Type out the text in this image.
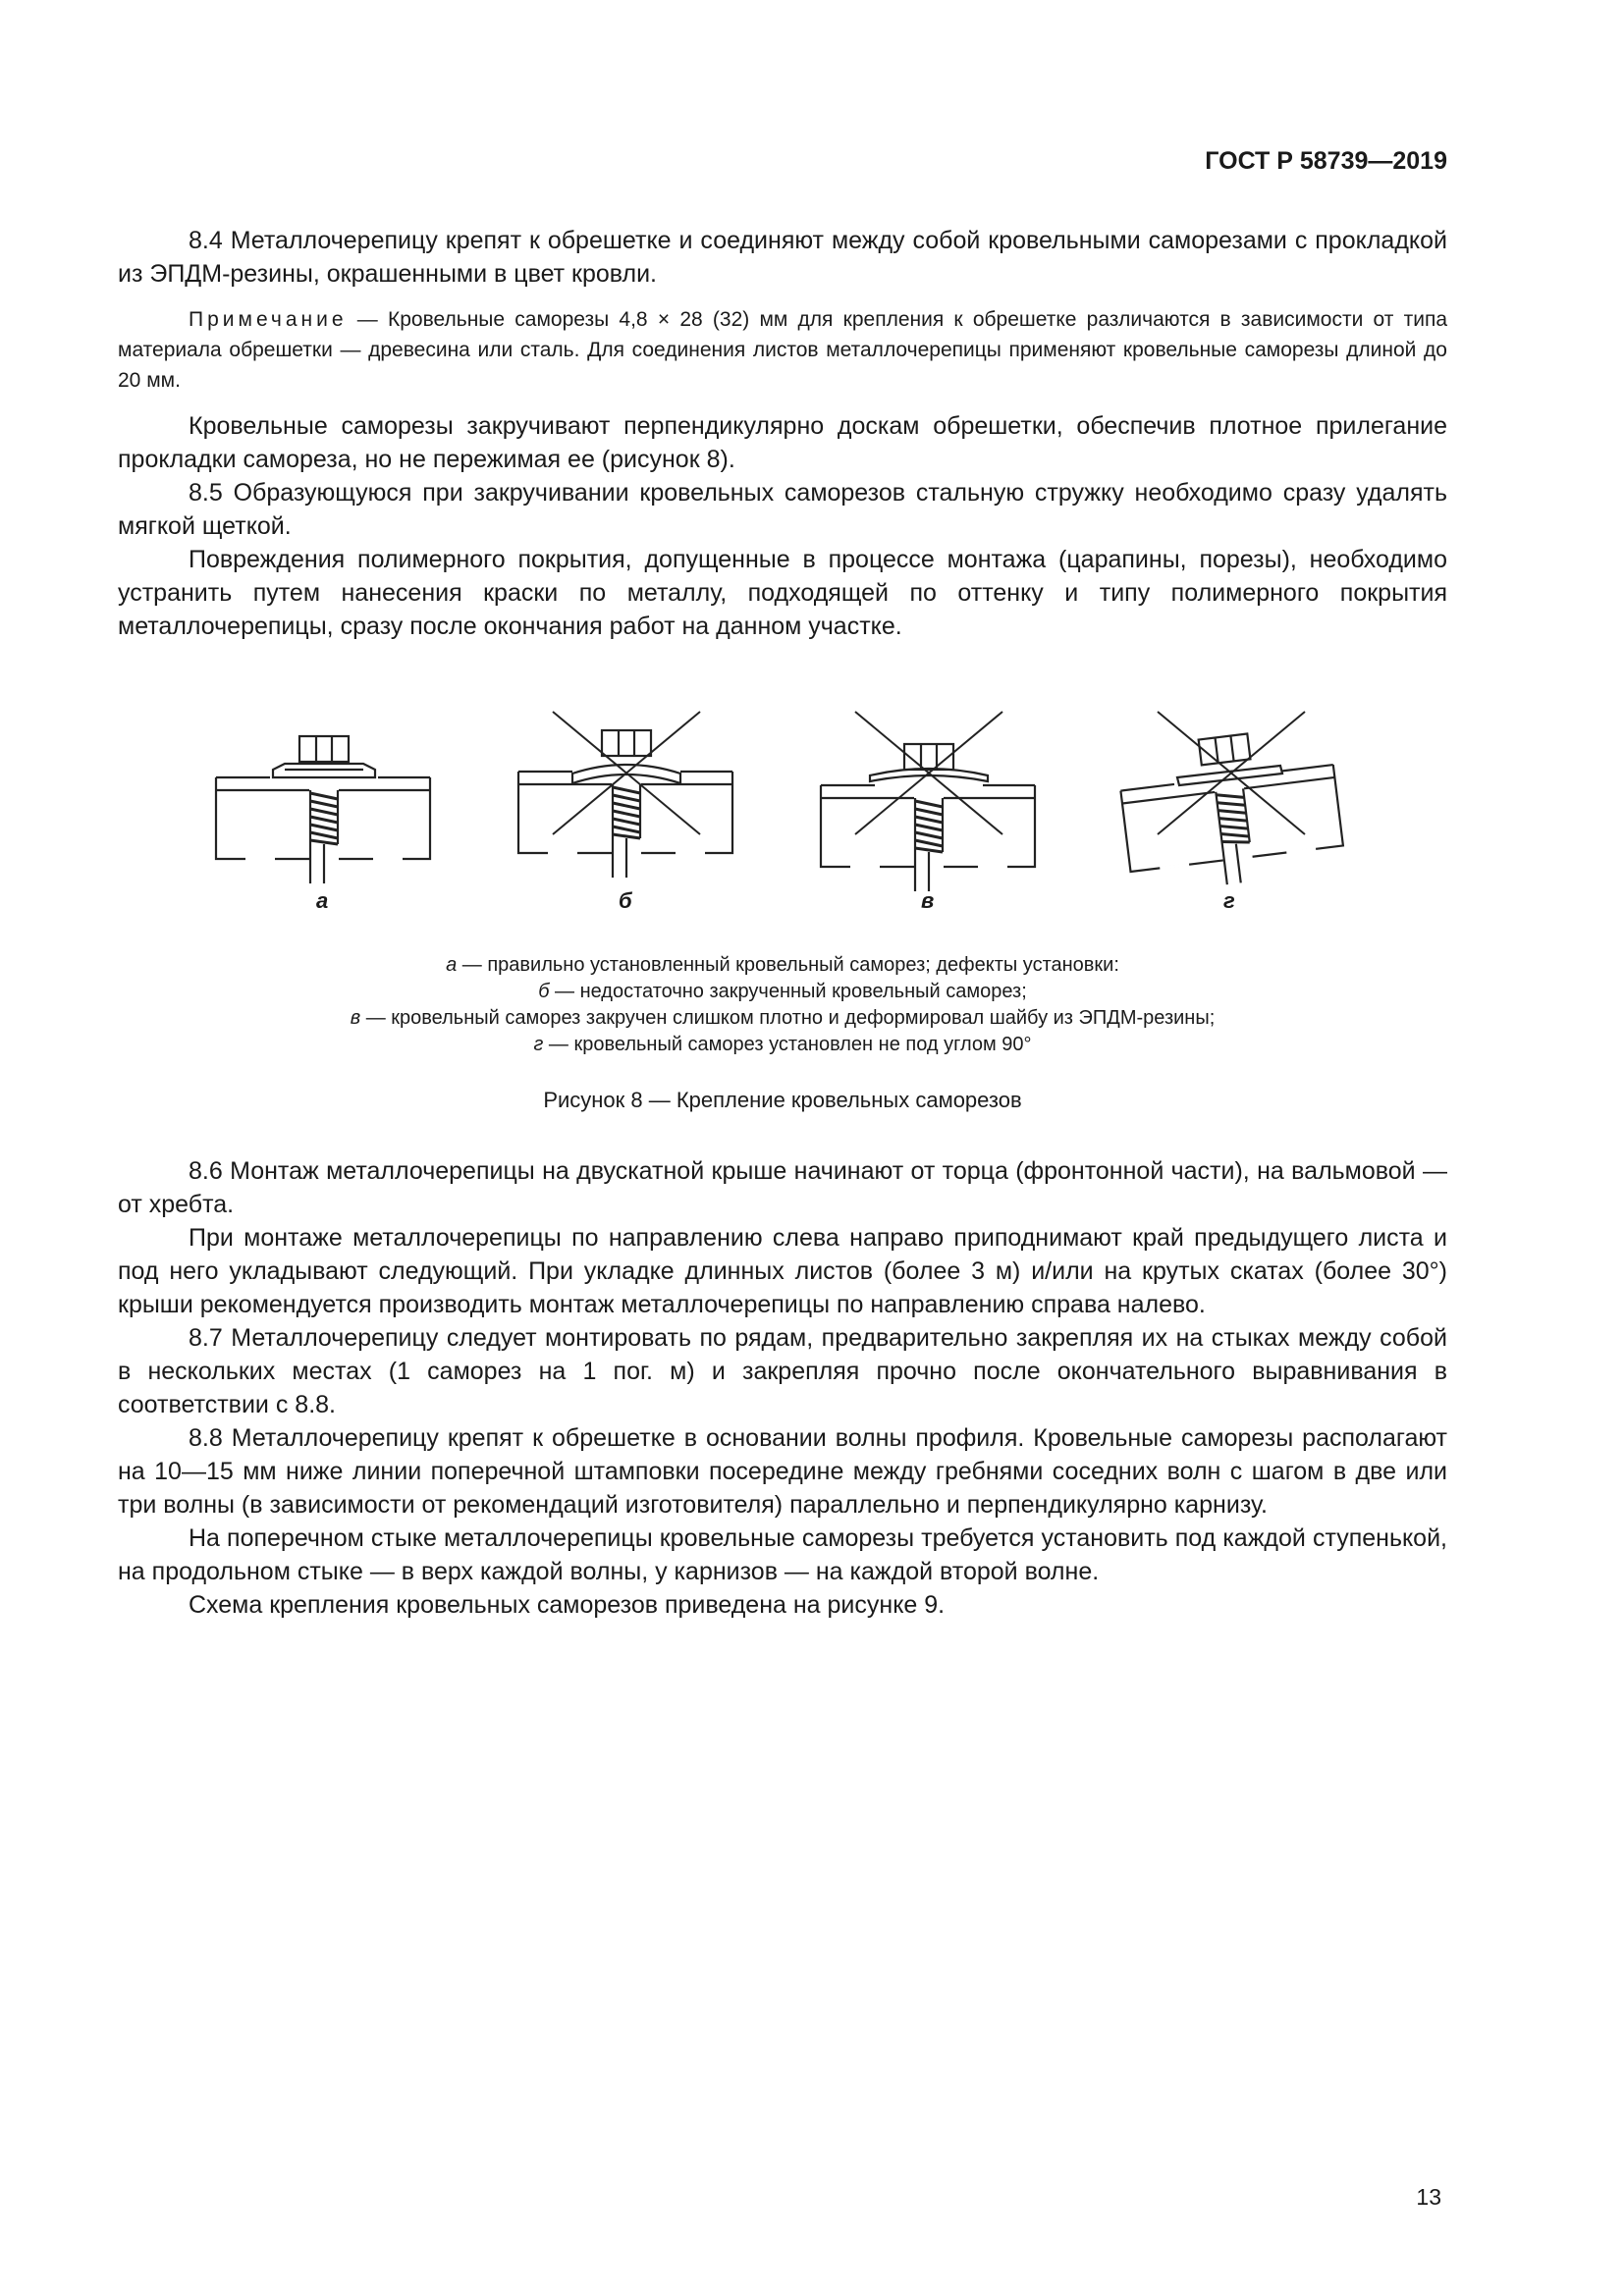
ГОСТ Р 58739—2019

8.4 Металлочерепицу крепят к обрешетке и соединяют между собой кровельными саморезами с прокладкой из ЭПДМ-резины, окрашенными в цвет кровли.

Примечание — Кровельные саморезы 4,8 × 28 (32) мм для крепления к обрешетке различаются в зависимости от типа материала обрешетки — древесина или сталь. Для соединения листов металлочерепицы применяют кровельные саморезы длиной до 20 мм.

Кровельные саморезы закручивают перпендикулярно доскам обрешетки, обеспечив плотное прилегание прокладки самореза, но не пережимая ее (рисунок 8).

8.5 Образующуюся при закручивании кровельных саморезов стальную стружку необходимо сразу удалять мягкой щеткой.

Повреждения полимерного покрытия, допущенные в процессе монтажа (царапины, порезы), необходимо устранить путем нанесения краски по металлу, подходящей по оттенку и типу полимерного покрытия металлочерепицы, сразу после окончания работ на данном участке.

а	б	в	г
а — правильно установленный кровельный саморез; дефекты установки:
б — недостаточно закрученный кровельный саморез;
в — кровельный саморез закручен слишком плотно и деформировал шайбу из ЭПДМ-резины;
г — кровельный саморез установлен не под углом 90°
Рисунок 8 — Крепление кровельных саморезов

8.6 Монтаж металлочерепицы на двускатной крыше начинают от торца (фронтонной части), на вальмовой — от хребта.

При монтаже металлочерепицы по направлению слева направо приподнимают край предыдущего листа и под него укладывают следующий. При укладке длинных листов (более 3 м) и/или на крутых скатах (более 30°) крыши рекомендуется производить монтаж металлочерепицы по направлению справа налево.

8.7 Металлочерепицу следует монтировать по рядам, предварительно закрепляя их на стыках между собой в нескольких местах (1 саморез на 1 пог. м) и закрепляя прочно после окончательного выравнивания в соответствии с 8.8.

8.8 Металлочерепицу крепят к обрешетке в основании волны профиля. Кровельные саморезы располагают на 10—15 мм ниже линии поперечной штамповки посередине между гребнями соседних волн с шагом в две или три волны (в зависимости от рекомендаций изготовителя) параллельно и перпендикулярно карнизу.

На поперечном стыке металлочерепицы кровельные саморезы требуется установить под каждой ступенькой, на продольном стыке — в верх каждой волны, у карнизов — на каждой второй волне.

Схема крепления кровельных саморезов приведена на рисунке 9.

13
